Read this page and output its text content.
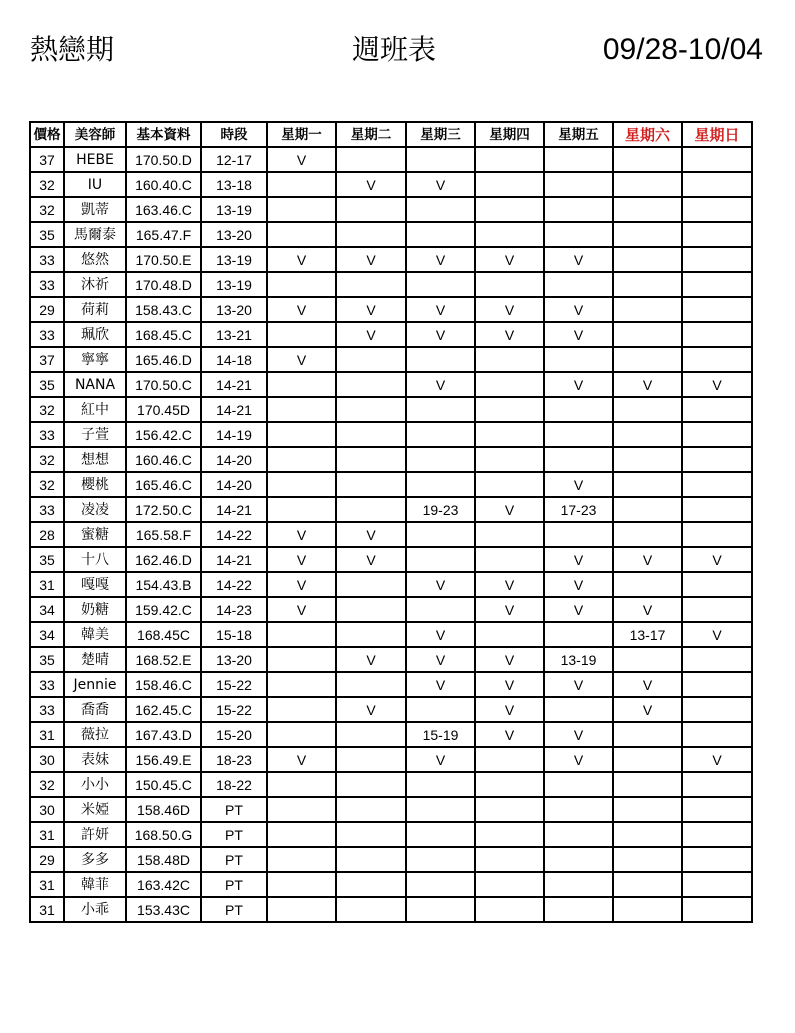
熱戀期	週班表	09/28-10/04
價格	美容師	基本資料	時段	星期一	星期二	星期三	星期四	星期五	星期六	星期日
37	HEBE	170.50.D	12-17	V						
32	IU	160.40.C	13-18		V	V				
32	凱蒂	163.46.C	13-19							
35	馬爾泰	165.47.F	13-20							
33	悠然	170.50.E	13-19	V	V	V	V	V		
33	沐祈	170.48.D	13-19							
29	荷莉	158.43.C	13-20	V	V	V	V	V		
33	珮欣	168.45.C	13-21		V	V	V	V		
37	寧寧	165.46.D	14-18	V						
35	NANA	170.50.C	14-21			V		V	V	V
32	紅中	170.45D	14-21							
33	子萱	156.42.C	14-19							
32	想想	160.46.C	14-20							
32	櫻桃	165.46.C	14-20					V		
33	凌凌	172.50.C	14-21			19-23	V	17-23		
28	蜜糖	165.58.F	14-22	V	V					
35	十八	162.46.D	14-21	V	V			V	V	V
31	嘎嘎	154.43.B	14-22	V		V	V	V		
34	奶糖	159.42.C	14-23	V			V	V	V	
34	韓美	168.45C	15-18			V			13-17	V
35	楚晴	168.52.E	13-20		V	V	V	13-19		
33	Jennie	158.46.C	15-22			V	V	V	V	
33	喬喬	162.45.C	15-22		V		V		V	
31	薇拉	167.43.D	15-20			15-19	V	V		
30	表妹	156.49.E	18-23	V		V		V		V
32	小小	150.45.C	18-22							
30	米婭	158.46D	PT							
31	許妍	168.50.G	PT							
29	多多	158.48D	PT							
31	韓菲	163.42C	PT							
31	小乖	153.43C	PT							
